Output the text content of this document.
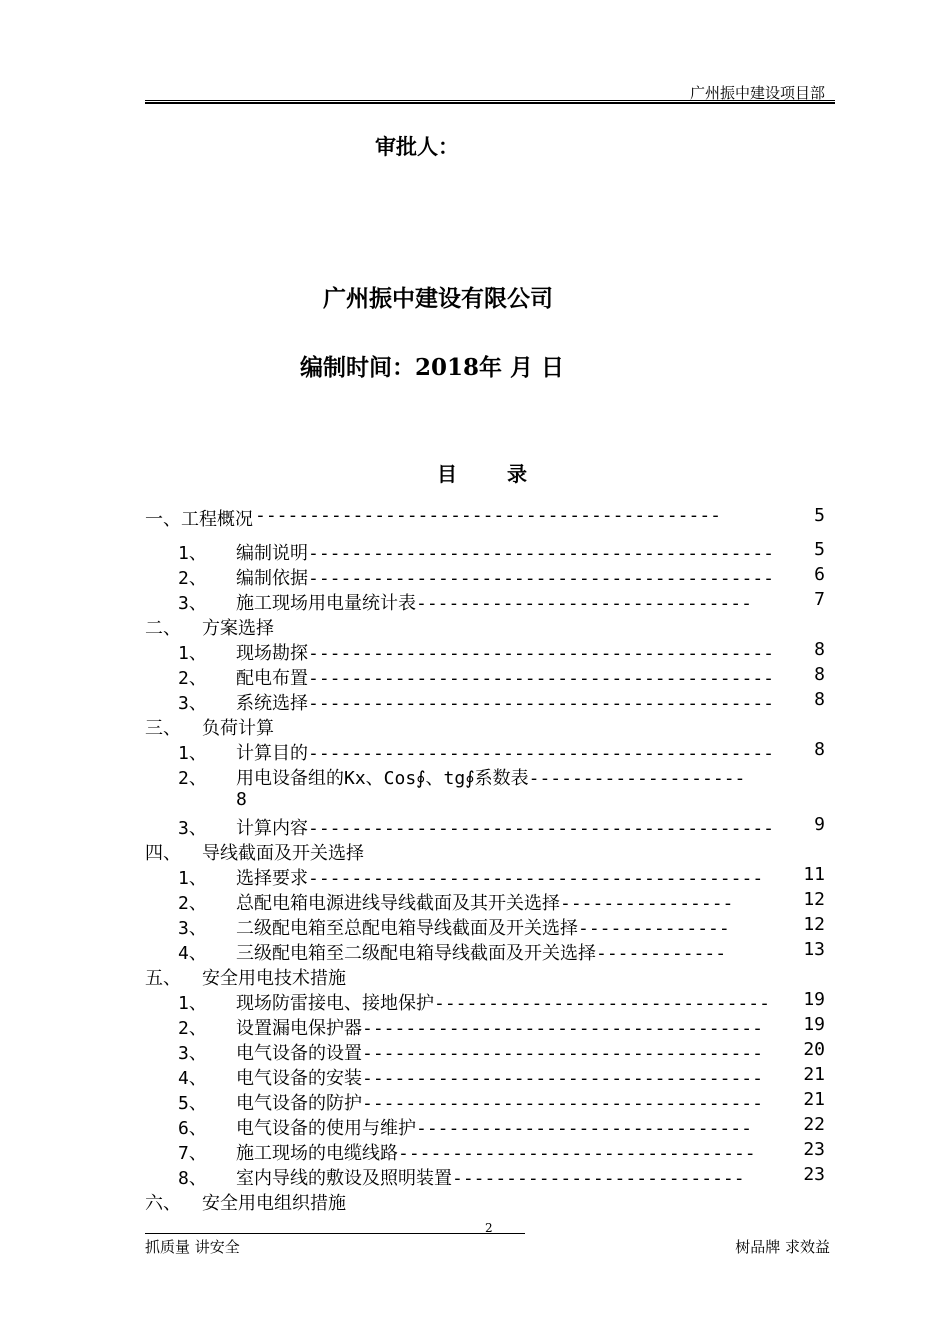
广州振中建设项目部
审批人：
广州振中建设有限公司
编制时间：2018年 月 日
目	录
一、工程概况 -------------------------------------------	5
1、 编制说明------------------------------------------- 5
2、 编制依据------------------------------------------- 6
3、 施工现场用电量统计表-------------------------------	7
二、 方案选择
1、 现场勘探------------------------------------------- 8
2、 配电布置------------------------------------------- 8
3、 系统选择------------------------------------------- 8
三、 负荷计算
1、 计算目的------------------------------------------- 8
2、 用电设备组的Kx、Cos∮、tg∮系数表--------------------
8
3、 计算内容------------------------------------------- 9
四、 导线截面及开关选择
1、 选择要求------------------------------------------ 11
2、 总配电箱电源进线导线截面及其开关选择----------------	12
3、 二级配电箱至总配电箱导线截面及开关选择--------------	12
4、 三级配电箱至二级配电箱导线截面及开关选择------------	13
五、 安全用电技术措施
1、 现场防雷接电、接地保护------------------------------- 19
2、 设置漏电保护器------------------------------------- 19
3、 电气设备的设置------------------------------------- 20
4、 电气设备的安装------------------------------------- 21
5、 电气设备的防护------------------------------------- 21
6、 电气设备的使用与维护-------------------------------	22
7、 施工现场的电缆线路---------------------------------	23
8、 室内导线的敷设及照明装置---------------------------	23
六、 安全用电组织措施
2
抓质量 讲安全	树品牌 求效益
